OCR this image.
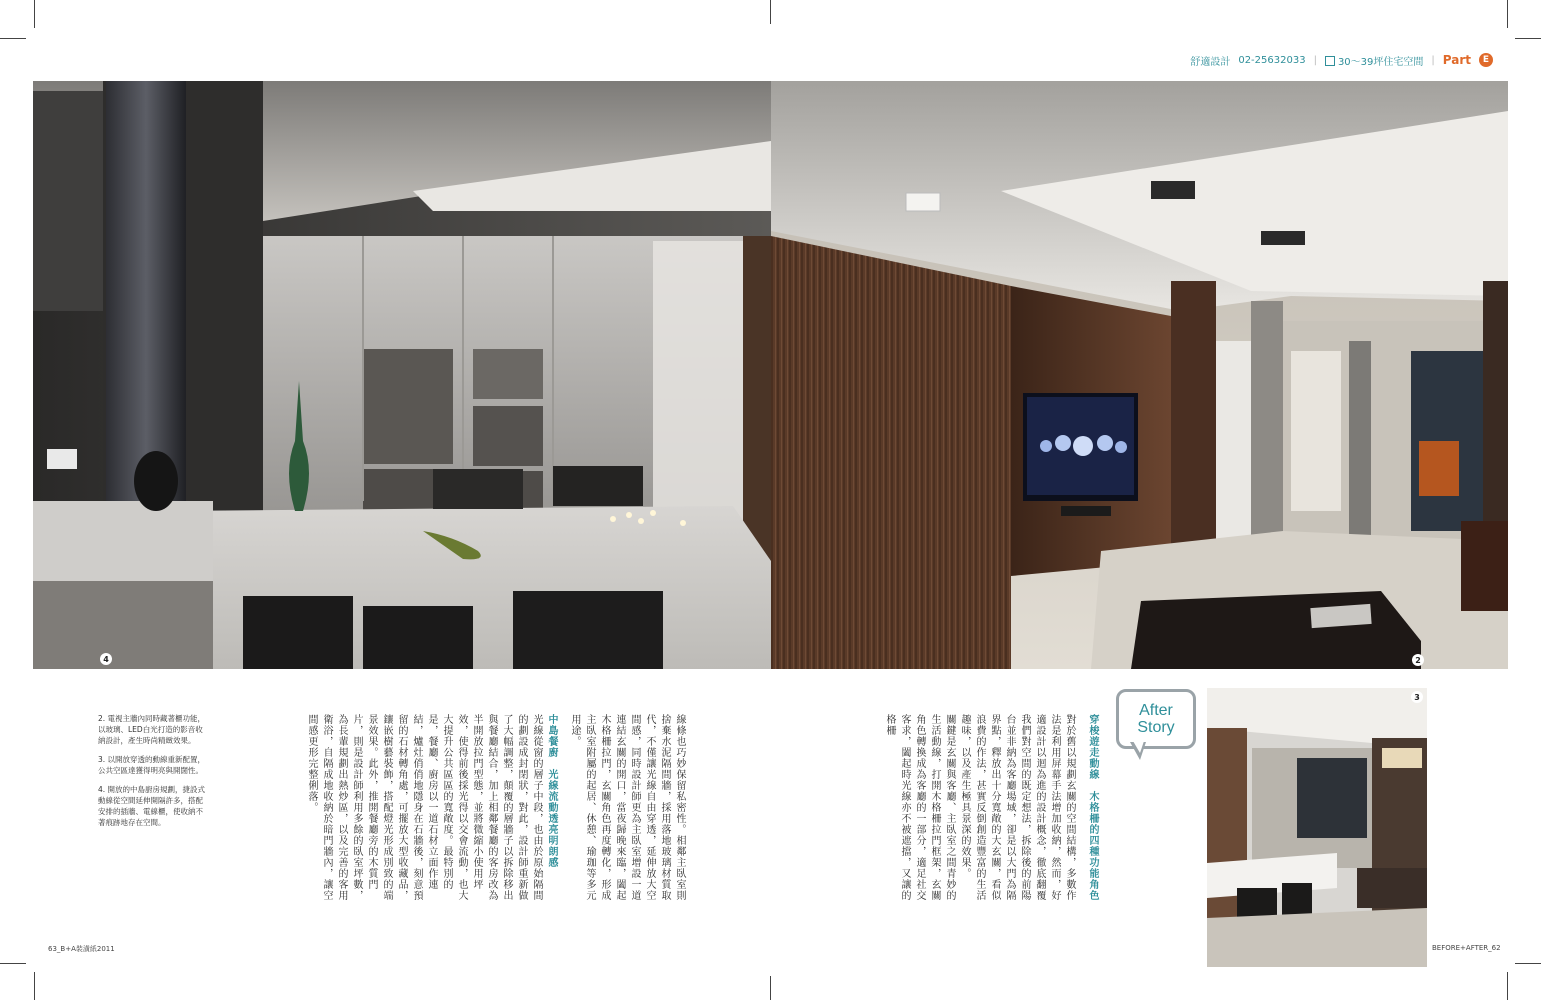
舒適設計 02-25632033 |	30～39坪住宅空間 | Part	E
4	2

2. 電視主牆內同時藏著櫃功能，以玻璃、LED白光打造的影音收納設計，產生時尚精緻效果。

3. 以開放穿透的動線重新配置，公共空區達獲得明亮與開闊性。

4. 開放的中島廚房規劃，捷設式動線從空間延伸開隔許多，搭配安排的插牆、電線櫃，使收納不著痕跡地存在空間。	線條也巧妙保留私密性。相鄰主臥室則捨棄水泥隔間牆，採用落地玻璃材質取代，不僅讓光線自由穿透，延伸放大空間感，同時設計師更為主臥室增設一道連結玄關的開口，當夜歸晚來臨，闔起木格柵拉門，玄關角色再度轉化，形成主臥室附屬的起居、休憩、瑜珈等多元用途。

中島餐廚　光線流動透亮明朗感

光線從窗的層子中段，也由於原始隔間的劃設成封閉狀，對此，設計師重新做了大幅調整，顛覆的層牆子以拆除移出與餐廳結合，加上相鄰餐廳的客房改為半開放拉門型態，並將微縮小使用坪效，使得前後採光得以交會流動，也大大提升公共區區的寬敞度。最特別的是，餐廳、廚房以一道石材立面作連結，爐灶俏俏地隱身在石牆後，刻意預留的石材轉角處，可擺放大型收藏品，鑲嵌樹藝裝飾，搭配燈光形成別致的端景效果。此外，推開餐廳旁的木質門片，則是設計師利用多餘的臥室坪數，為長輩規劃出熱炒區，以及完善的客用衛浴，自隔成地收納於暗門牆內，讓空間感更形完整俐落。

After
Story

穿梭遊走動線　木格柵的四種功能角色

對於舊以規劃玄關的空間結構，多數作法是利用屏幕手法增加收納，然而，好適設計以迴為進的設計概念，徹底翻覆我們對空間的既定想法，拆除後的前陽台並非納為客廳場域，卻是以大門為隔界點，釋放出十分寬敞的大玄關，看似浪費的作法，甚實反倒創造豐富的生活趣味，以及產生極具景深的效果。

關鍵是玄關與客廳、主臥室之間青妙的生活動線，打開木格柵拉門框架，玄關角色轉換成為客廳的一部分，適足社交客求，闔起時光線亦不被遮擋，又讓的格柵

3
63_B+A裝潢紙2011	BEFORE+AFTER_62
